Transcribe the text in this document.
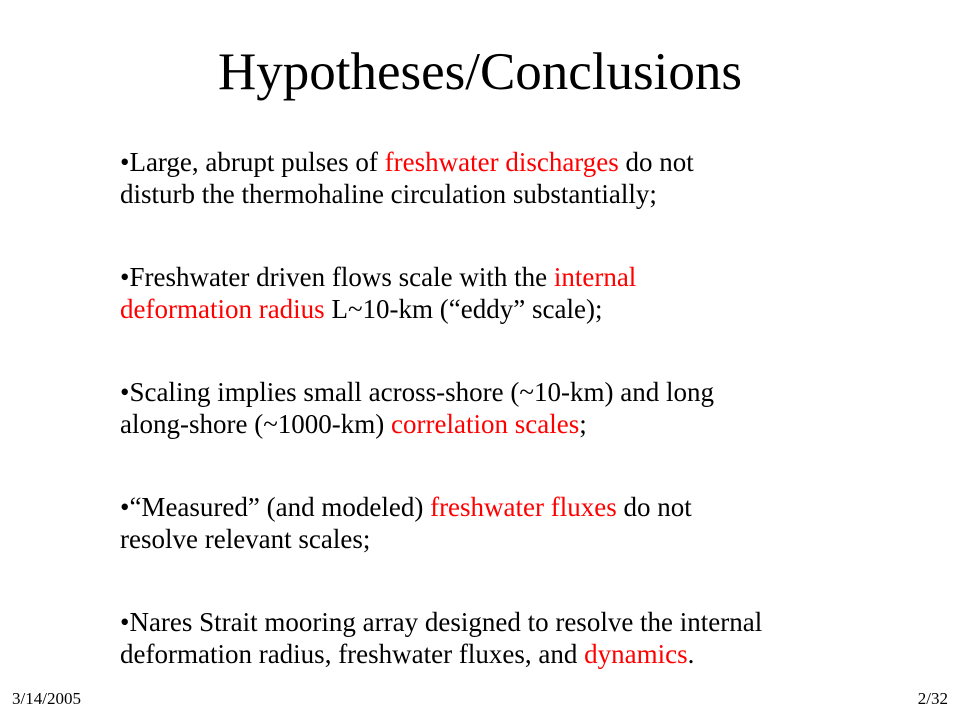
Hypotheses/Conclusions
•Large, abrupt pulses of freshwater discharges do not
disturb the thermohaline circulation substantially;
•Freshwater driven flows scale with the internal
deformation radius L~10-km (“eddy” scale);
•Scaling implies small across-shore (~10-km) and long
along-shore (~1000-km) correlation scales;
•“Measured” (and modeled) freshwater fluxes do not
resolve relevant scales;
•Nares Strait mooring array designed to resolve the internal
deformation radius, freshwater fluxes, and dynamics.
3/14/2005	2/32
